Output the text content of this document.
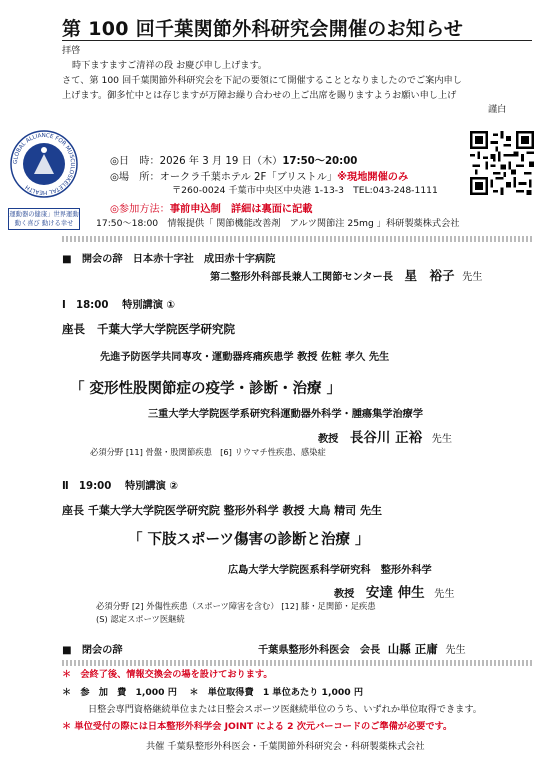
第 100 回千葉関節外科研究会開催のお知らせ
拝啓
時下ますますご清祥の段 お慶び申し上げます。
さて、第 100 回千葉関節外科研究会を下記の要領にて開催することとなりましたのでご案内申し
上げます。御多忙中とは存じますが万障お繰り合わせの上ご出席を賜りますようお願い申し上げ
謹白
GLOBAL ALLIANCE FOR MUSCULOSKELETAL HEALTH
運動器の健康」世界運動
動く喜び 動ける幸せ
◎日　時：2026 年 3 月 19 日（木）17:50～20:00
◎場　所：オークラ千葉ホテル 2F「ブリストル」※現地開催のみ
〒260-0024 千葉市中央区中央港 1-13-3　TEL:043-248-1111
◎参加方法：事前申込制　詳細は裏面に記載
17:50～18:00　情報提供「 関節機能改善剤　アルツ関節注 25mg 」科研製薬株式会社
■　開会の辞　日本赤十字社　成田赤十字病院
第二整形外科部長兼人工関節センター長 星　裕子 先生
Ⅰ　18:00　 特別講演 ①
座長 千葉大学大学院医学研究院
先進予防医学共同専攻・運動器疼痛疾患学 教授 佐粧 孝久 先生
「 変形性股関節症の疫学・診断・治療 」
三重大学大学院医学系研究科運動器外科学・腫瘍集学治療学
教授 長谷川 正裕 先生
必須分野 [11] 骨盤・股関節疾患　[6] リウマチ性疾患、感染症
Ⅱ　19:00　 特別講演 ②
座長 千葉大学大学院医学研究院 整形外科学 教授 大鳥 精司 先生
「 下肢スポーツ傷害の診断と治療 」
広島大学大学院医系科学研究科　整形外科学
教授 安達 伸生 先生
必須分野 [2] 外傷性疾患（スポーツ障害を含む） [12] 膝・足関節・足疾患
(S) 認定スポーツ医継続
■　閉会の辞	千葉県整形外科医会　会長 山縣 正庸 先生
＊　会終了後、情報交換会の場を設けております。
＊　参　加　費　1,000 円　 ＊　単位取得費　1 単位あたり 1,000 円
日整会専門資格継続単位または日整会スポーツ医継続単位のうち、いずれか単位取得できます。
＊ 単位受付の際には日本整形外科学会 JOINT による 2 次元バーコードのご準備が必要です。
共催 千葉県整形外科医会・千葉関節外科研究会・科研製薬株式会社
